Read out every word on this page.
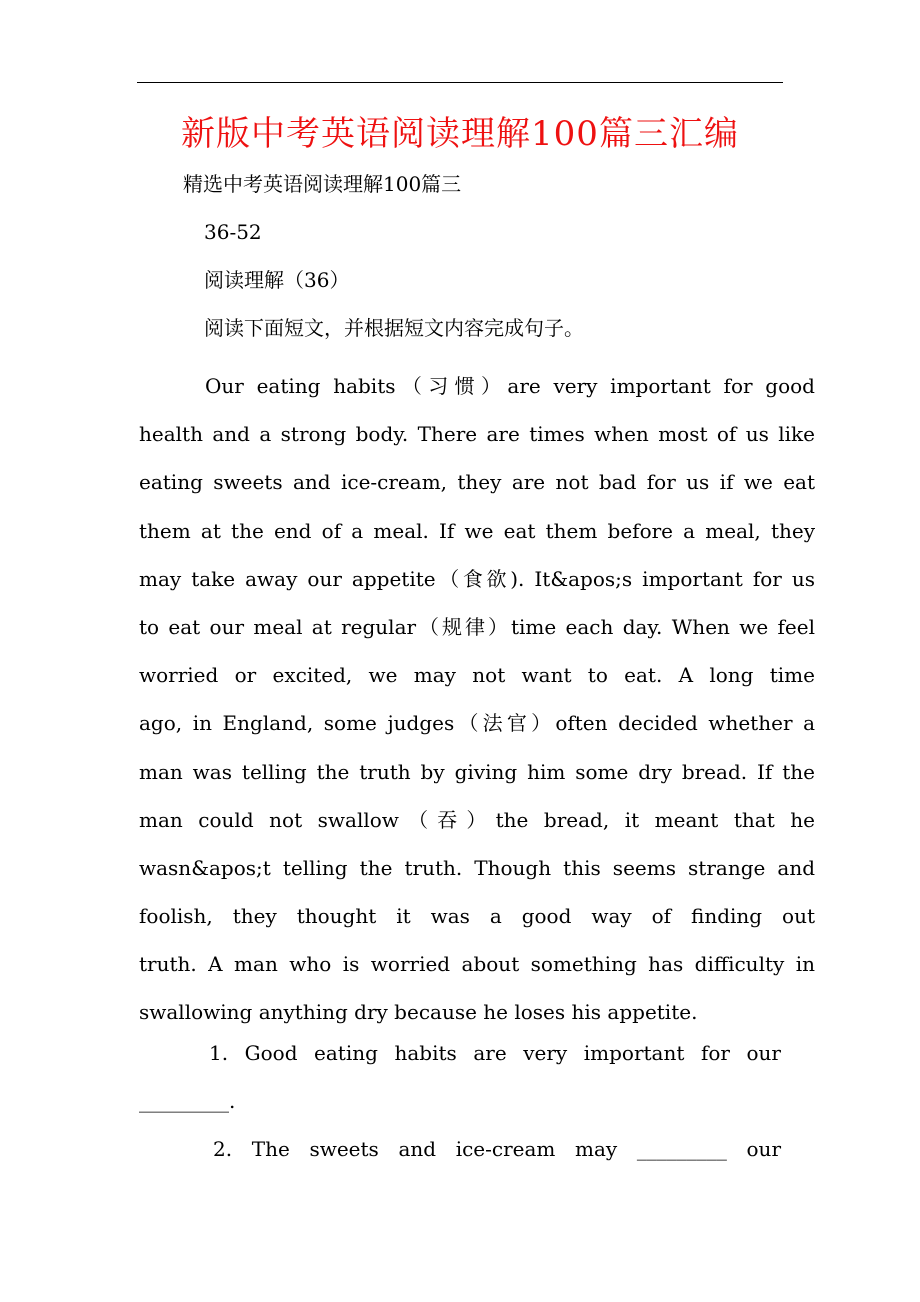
新版中考英语阅读理解100篇三汇编
精选中考英语阅读理解100篇三
36-52
阅读理解（36）
阅读下面短文，并根据短文内容完成句子。
Our eating habits（习惯）are very important for good
health and a strong body. There are times when most of us like
eating sweets and ice-cream, they are not bad for us if we eat
them at the end of a meal. If we eat them before a meal, they
may take away our appetite（食欲). It&apos;s important for us
to eat our meal at regular（规律）time each day. When we feel
worried or excited, we may not want to eat. A long time
ago, in England, some judges（法官）often decided whether a
man was telling the truth by giving him some dry bread. If the
man could not swallow（吞）the bread, it meant that he
wasn&apos;t telling the truth. Though this seems strange and
foolish, they thought it was a good way of finding out
truth. A man who is worried about something has difficulty in
swallowing anything dry because he loses his appetite.
1. Good eating habits are very important for our
_________.
2. The sweets and ice-cream may _________ our
